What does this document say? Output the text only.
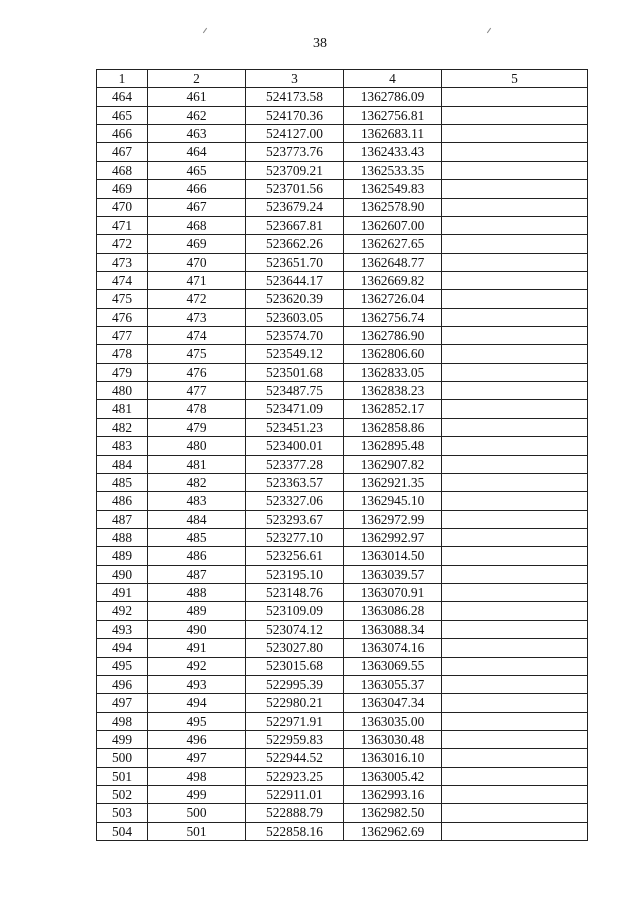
38
1	2	3	4	5
464	461	524173.58	1362786.09	
465	462	524170.36	1362756.81	
466	463	524127.00	1362683.11	
467	464	523773.76	1362433.43	
468	465	523709.21	1362533.35	
469	466	523701.56	1362549.83	
470	467	523679.24	1362578.90	
471	468	523667.81	1362607.00	
472	469	523662.26	1362627.65	
473	470	523651.70	1362648.77	
474	471	523644.17	1362669.82	
475	472	523620.39	1362726.04	
476	473	523603.05	1362756.74	
477	474	523574.70	1362786.90	
478	475	523549.12	1362806.60	
479	476	523501.68	1362833.05	
480	477	523487.75	1362838.23	
481	478	523471.09	1362852.17	
482	479	523451.23	1362858.86	
483	480	523400.01	1362895.48	
484	481	523377.28	1362907.82	
485	482	523363.57	1362921.35	
486	483	523327.06	1362945.10	
487	484	523293.67	1362972.99	
488	485	523277.10	1362992.97	
489	486	523256.61	1363014.50	
490	487	523195.10	1363039.57	
491	488	523148.76	1363070.91	
492	489	523109.09	1363086.28	
493	490	523074.12	1363088.34	
494	491	523027.80	1363074.16	
495	492	523015.68	1363069.55	
496	493	522995.39	1363055.37	
497	494	522980.21	1363047.34	
498	495	522971.91	1363035.00	
499	496	522959.83	1363030.48	
500	497	522944.52	1363016.10	
501	498	522923.25	1363005.42	
502	499	522911.01	1362993.16	
503	500	522888.79	1362982.50	
504	501	522858.16	1362962.69	
